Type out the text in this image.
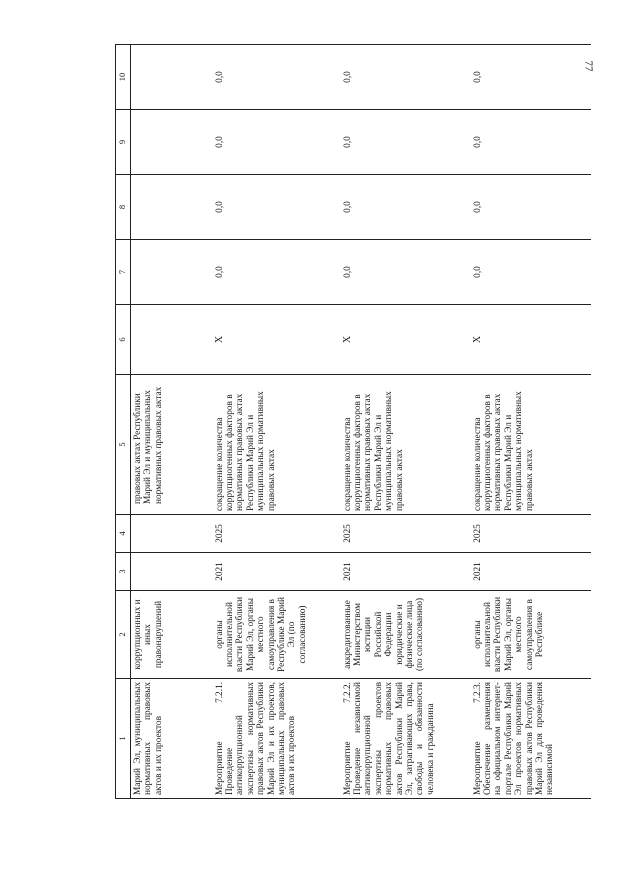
77
1	2	3	4	5	6	7	8	9	10
Марий Эл, муниципальных нормативных правовых актов и их проектов	коррупционных и иных правонарушений			правовых актах Республики Марий Эл и муниципальных нормативных правовых актах					
Мероприятие 7.2.1. Проведение антикоррупционной экспертизы нормативных правовых актов Республики Марий Эл и их проектов, муниципальных правовых актов и их проектов	органы исполнительной власти Республики Марий Эл, органы местного самоуправления в Республике Марий Эл (по согласованию)	2021	2025	сокращение количества коррупциогенных факторов в нормативных правовых актах Республики Марий Эл и муниципальных нормативных правовых актах	X	0,0	0,0	0,0	0,0
Мероприятие 7.2.2. Проведение независимой антикоррупционной экспертизы проектов нормативных правовых актов Республики Марий Эл, затрагивающих права, свободы и обязанности человека и гражданина	аккредитованные Министерством юстиции Российской Федерации юридические и физические лица (по согласованию)	2021	2025	сокращение количества коррупциогенных факторов в нормативных правовых актах Республики Марий Эл и муниципальных нормативных правовых актах	X	0,0	0,0	0,0	0,0
Мероприятие 7.2.3. Обеспечение размещения на официальном интернет-портале Республики Марий Эл проектов нормативных правовых актов Республики Марий Эл для проведения независимой	органы исполнительной власти Республики Марий Эл, органы местного самоуправления в Республике	2021	2025	сокращение количества коррупциогенных факторов в нормативных правовых актах Республики Марий Эл и муниципальных нормативных правовых актах	X	0,0	0,0	0,0	0,0
